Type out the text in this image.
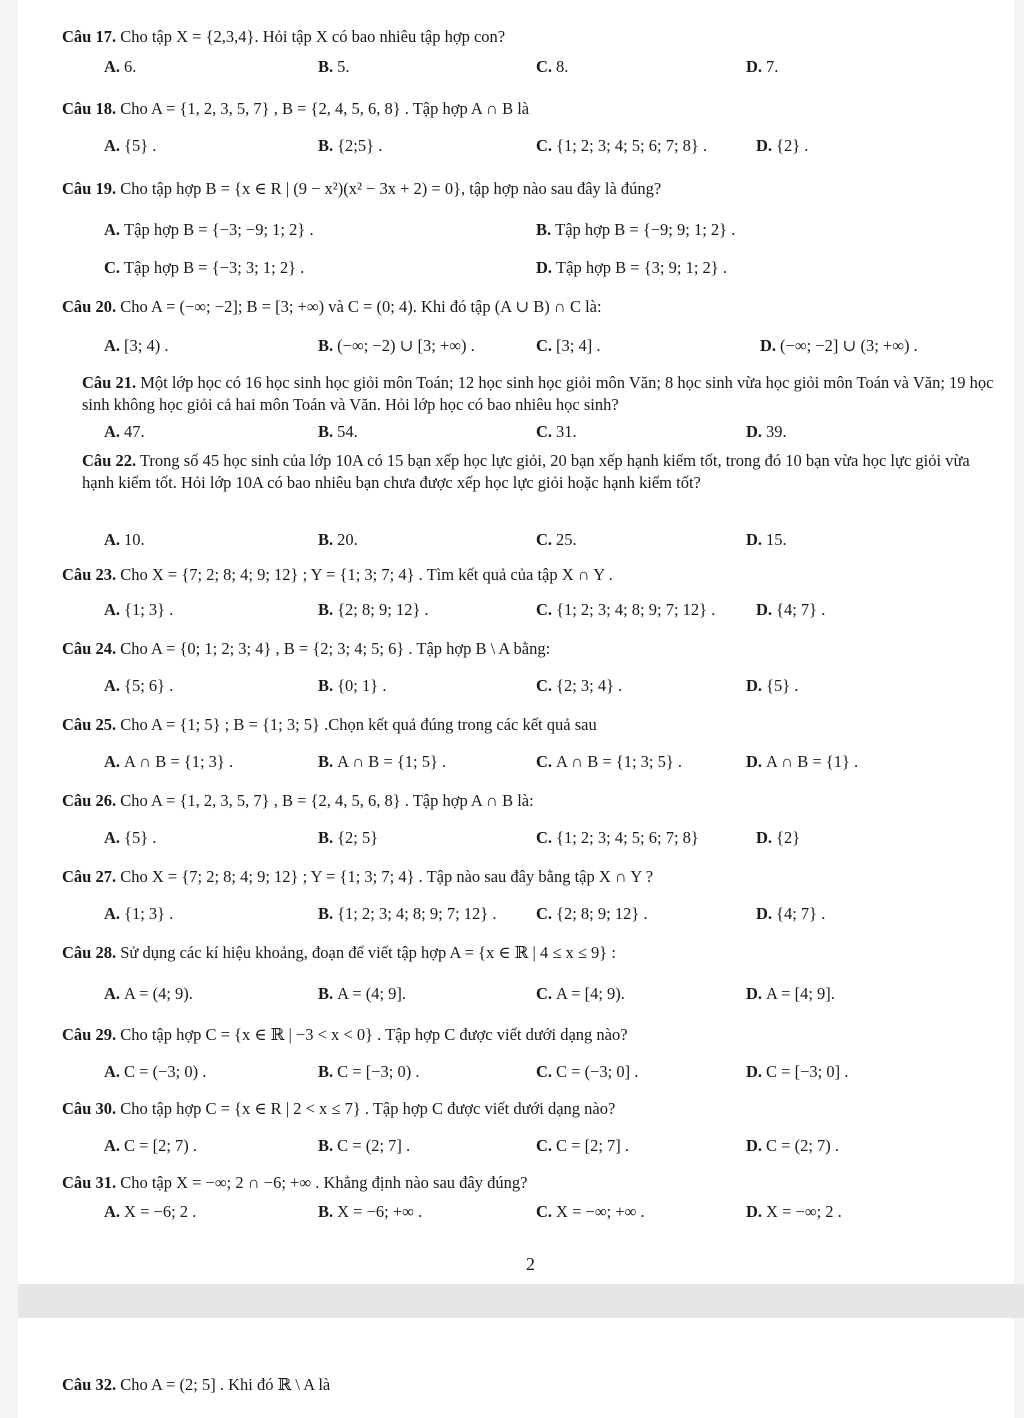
Câu 17. Cho tập X = {2,3,4}. Hỏi tập X có bao nhiêu tập hợp con?
A. 6.	B. 5.	C. 8.	D. 7.
Câu 18. Cho A = {1, 2, 3, 5, 7} , B = {2, 4, 5, 6, 8} . Tập hợp A ∩ B là
A. {5} .	B. {2;5} .	C. {1; 2; 3; 4; 5; 6; 7; 8} .	D. {2} .
Câu 19. Cho tập hợp B = {x ∈ R | (9 − x²)(x² − 3x + 2) = 0}, tập hợp nào sau đây là đúng?
A. Tập hợp B = {−3; −9; 1; 2} .	B. Tập hợp B = {−9; 9; 1; 2} .
C. Tập hợp B = {−3; 3; 1; 2} .	D. Tập hợp B = {3; 9; 1; 2} .
Câu 20. Cho A = (−∞; −2]; B = [3; +∞) và C = (0; 4). Khi đó tập (A ∪ B) ∩ C là:
A. [3; 4) .	B. (−∞; −2) ∪ [3; +∞) .	C. [3; 4] .	D. (−∞; −2] ∪ (3; +∞) .
Câu 21. Một lớp học có 16 học sinh học giỏi môn Toán; 12 học sinh học giỏi môn Văn; 8 học sinh vừa học giỏi môn Toán và Văn; 19 học sinh không học giỏi cả hai môn Toán và Văn. Hỏi lớp học có bao nhiêu học sinh?
A. 47.	B. 54.	C. 31.	D. 39.
Câu 22. Trong số 45 học sinh của lớp 10A có 15 bạn xếp học lực giỏi, 20 bạn xếp hạnh kiểm tốt, trong đó 10 bạn vừa học lực giỏi vừa hạnh kiểm tốt. Hỏi lớp 10A có bao nhiêu bạn chưa được xếp học lực giỏi hoặc hạnh kiểm tốt?
A. 10.	B. 20.	C. 25.	D. 15.
Câu 23. Cho X = {7; 2; 8; 4; 9; 12} ; Y = {1; 3; 7; 4} . Tìm kết quả của tập X ∩ Y .
A. {1; 3} .	B. {2; 8; 9; 12} .	C. {1; 2; 3; 4; 8; 9; 7; 12} . D. {4; 7} .
Câu 24. Cho A = {0; 1; 2; 3; 4} , B = {2; 3; 4; 5; 6} . Tập hợp B \ A bằng:
A. {5; 6} .	B. {0; 1} .	C. {2; 3; 4} .	D. {5} .
Câu 25. Cho A = {1; 5} ; B = {1; 3; 5} .Chọn kết quả đúng trong các kết quả sau
A. A ∩ B = {1; 3} .	B. A ∩ B = {1; 5} .	C. A ∩ B = {1; 3; 5} .	D. A ∩ B = {1} .
Câu 26. Cho A = {1, 2, 3, 5, 7} , B = {2, 4, 5, 6, 8} . Tập hợp A ∩ B là:
A. {5} .	B. {2; 5}	C. {1; 2; 3; 4; 5; 6; 7; 8}	D. {2}
Câu 27. Cho X = {7; 2; 8; 4; 9; 12} ; Y = {1; 3; 7; 4} . Tập nào sau đây bằng tập X ∩ Y ?
A. {1; 3} .	B. {1; 2; 3; 4; 8; 9; 7; 12} . C. {2; 8; 9; 12} .	D. {4; 7} .
Câu 28. Sử dụng các kí hiệu khoảng, đoạn để viết tập hợp A = {x ∈ ℝ | 4 ≤ x ≤ 9} :
A. A = (4; 9).	B. A = (4; 9].	C. A = [4; 9).	D. A = [4; 9].
Câu 29. Cho tập hợp C = {x ∈ ℝ | −3 < x < 0} . Tập hợp C được viết dưới dạng nào?
A. C = (−3; 0) .	B. C = [−3; 0) .	C. C = (−3; 0] .	D. C = [−3; 0] .
Câu 30. Cho tập hợp C = {x ∈ R | 2 < x ≤ 7} . Tập hợp C được viết dưới dạng nào?
A. C = [2; 7) .	B. C = (2; 7] .	C. C = [2; 7] .	D. C = (2; 7) .
Câu 31. Cho tập X = −∞; 2 ∩ −6; +∞ . Khẳng định nào sau đây đúng?
A. X = −6; 2 .	B. X = −6; +∞ .	C. X = −∞; +∞ .	D. X = −∞; 2 .
2
Câu 32. Cho A = (2; 5] . Khi đó ℝ \ A là
